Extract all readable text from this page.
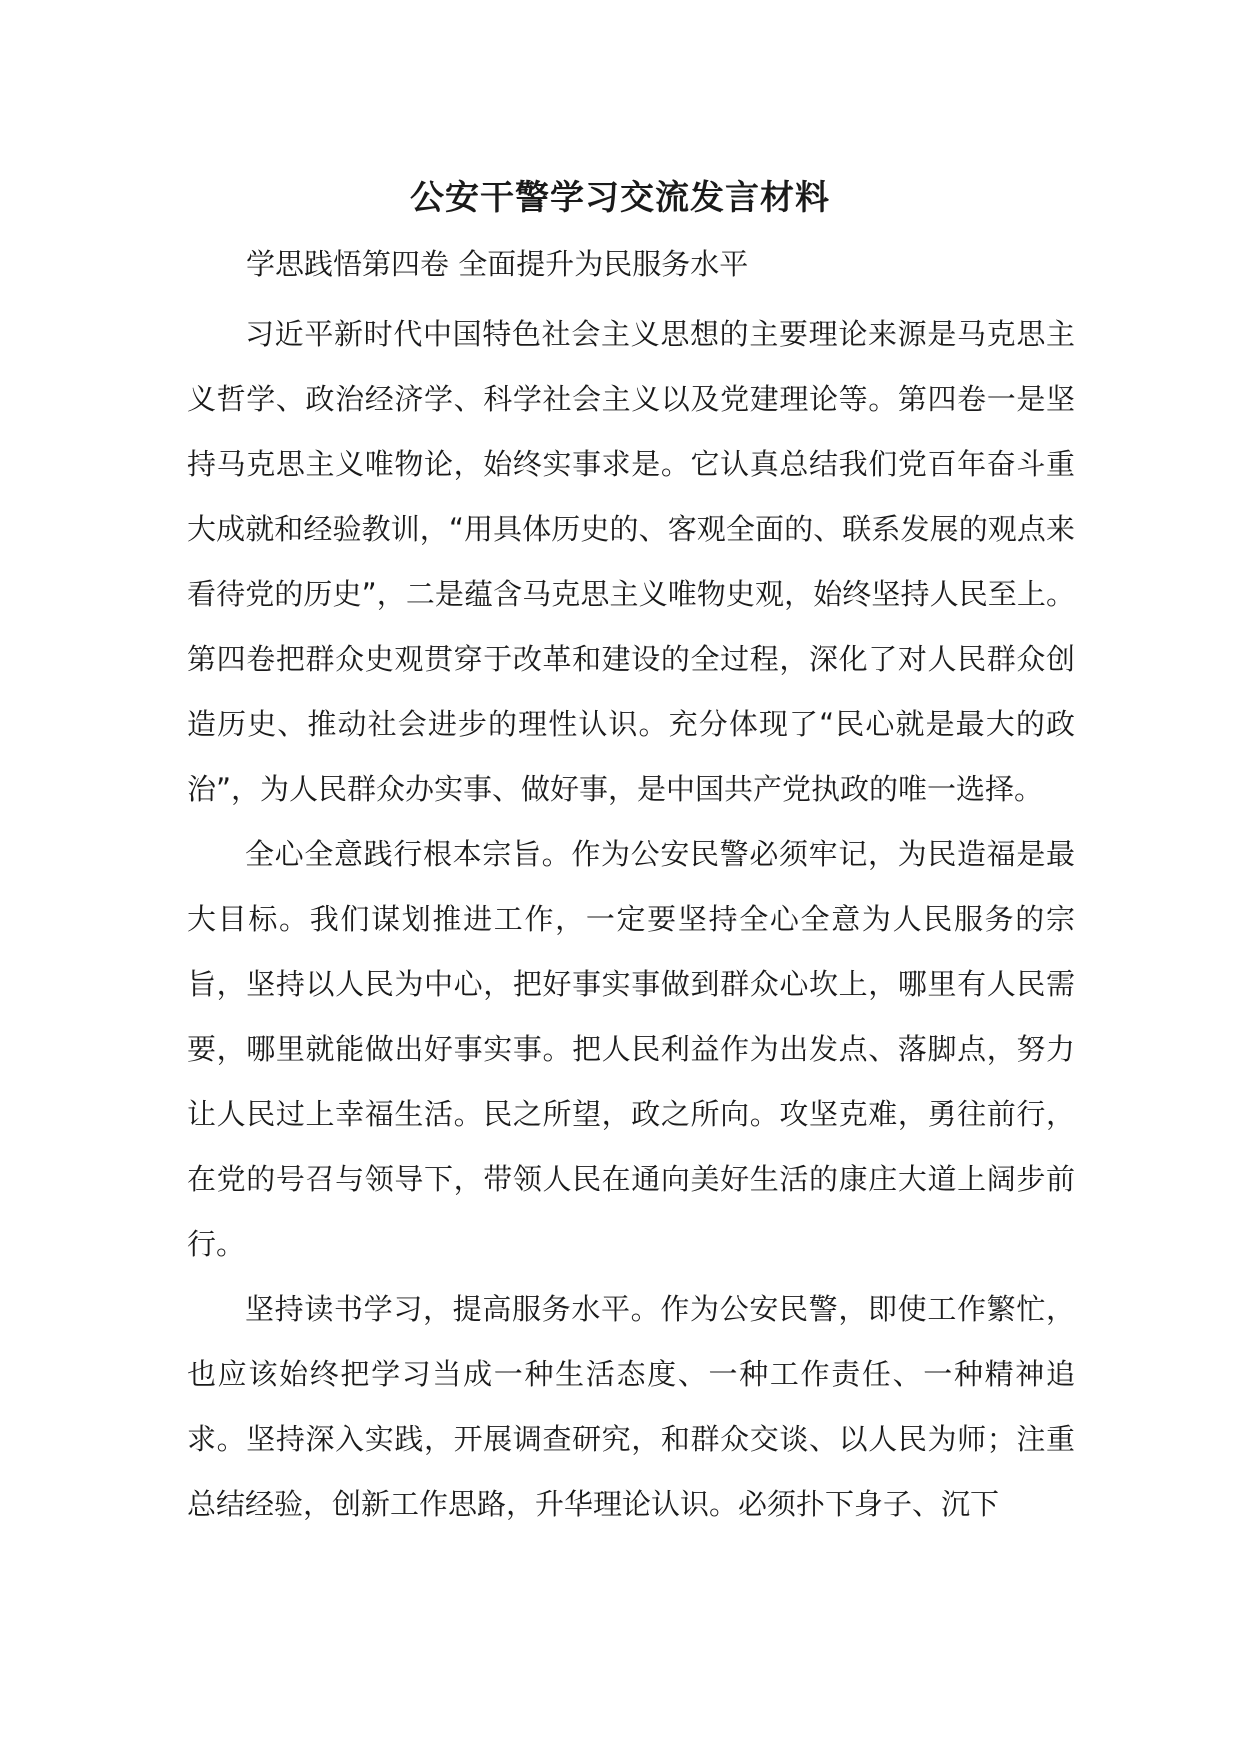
公安干警学习交流发言材料

学思践悟第四卷 全面提升为民服务水平

习近平新时代中国特色社会主义思想的主要理论来源是马克思主义哲学、政治经济学、科学社会主义以及党建理论等。第四卷一是坚持马克思主义唯物论，始终实事求是。它认真总结我们党百年奋斗重大成就和经验教训，“用具体历史的、客观全面的、联系发展的观点来看待党的历史”，二是蕴含马克思主义唯物史观，始终坚持人民至上。第四卷把群众史观贯穿于改革和建设的全过程，深化了对人民群众创造历史、推动社会进步的理性认识。充分体现了“民心就是最大的政治”，为人民群众办实事、做好事，是中国共产党执政的唯一选择。

全心全意践行根本宗旨。作为公安民警必须牢记，为民造福是最大目标。我们谋划推进工作，一定要坚持全心全意为人民服务的宗旨，坚持以人民为中心，把好事实事做到群众心坎上，哪里有人民需要，哪里就能做出好事实事。把人民利益作为出发点、落脚点，努力让人民过上幸福生活。民之所望，政之所向。攻坚克难，勇往前行，在党的号召与领导下，带领人民在通向美好生活的康庄大道上阔步前行。

坚持读书学习，提高服务水平。作为公安民警，即使工作繁忙，也应该始终把学习当成一种生活态度、一种工作责任、一种精神追求。坚持深入实践，开展调查研究，和群众交谈、以人民为师；注重总结经验，创新工作思路，升华理论认识。必须扑下身子、沉下
